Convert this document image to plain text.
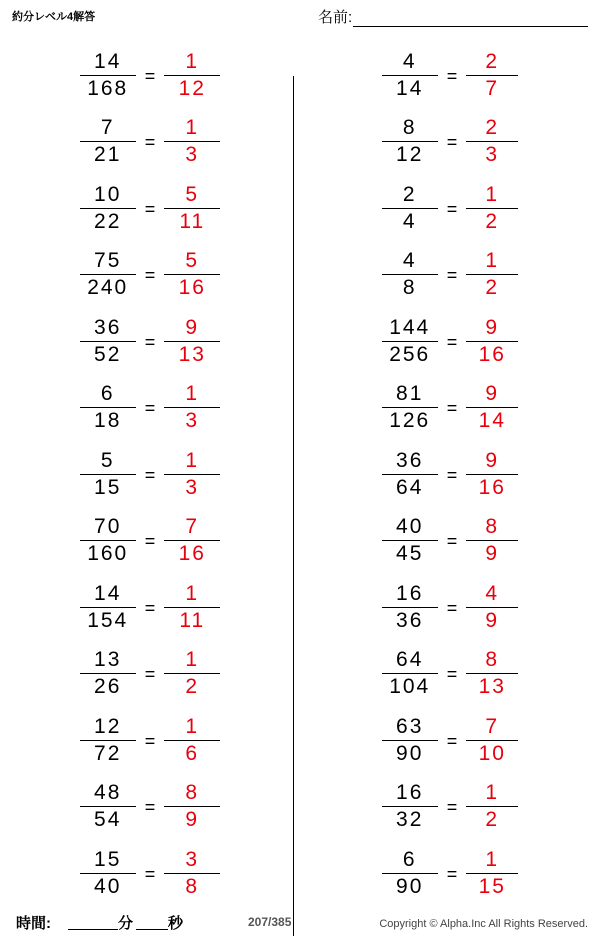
約分レベル4解答	名前:
$\frac{14}{168} = \frac{1}{12}$
$\frac{7}{21} = \frac{1}{3}$
$\frac{10}{22} = \frac{5}{11}$
$\frac{75}{240} = \frac{5}{16}$
$\frac{36}{52} = \frac{9}{13}$
$\frac{6}{18} = \frac{1}{3}$
$\frac{5}{15} = \frac{1}{3}$
$\frac{70}{160} = \frac{7}{16}$
$\frac{14}{154} = \frac{1}{11}$
$\frac{13}{26} = \frac{1}{2}$
$\frac{12}{72} = \frac{1}{6}$
$\frac{48}{54} = \frac{8}{9}$
$\frac{15}{40} = \frac{3}{8}$
$\frac{4}{14} = \frac{2}{7}$
$\frac{8}{12} = \frac{2}{3}$
$\frac{2}{4} = \frac{1}{2}$
$\frac{4}{8} = \frac{1}{2}$
$\frac{144}{256} = \frac{9}{16}$
$\frac{81}{126} = \frac{9}{14}$
$\frac{36}{64} = \frac{9}{16}$
$\frac{40}{45} = \frac{8}{9}$
$\frac{16}{36} = \frac{4}{9}$
$\frac{64}{104} = \frac{8}{13}$
$\frac{63}{90} = \frac{7}{10}$
$\frac{16}{32} = \frac{1}{2}$
$\frac{6}{90} = \frac{1}{15}$
時間:	分 秒	207/385	Copyright © Alpha.Inc All Rights Reserved.
